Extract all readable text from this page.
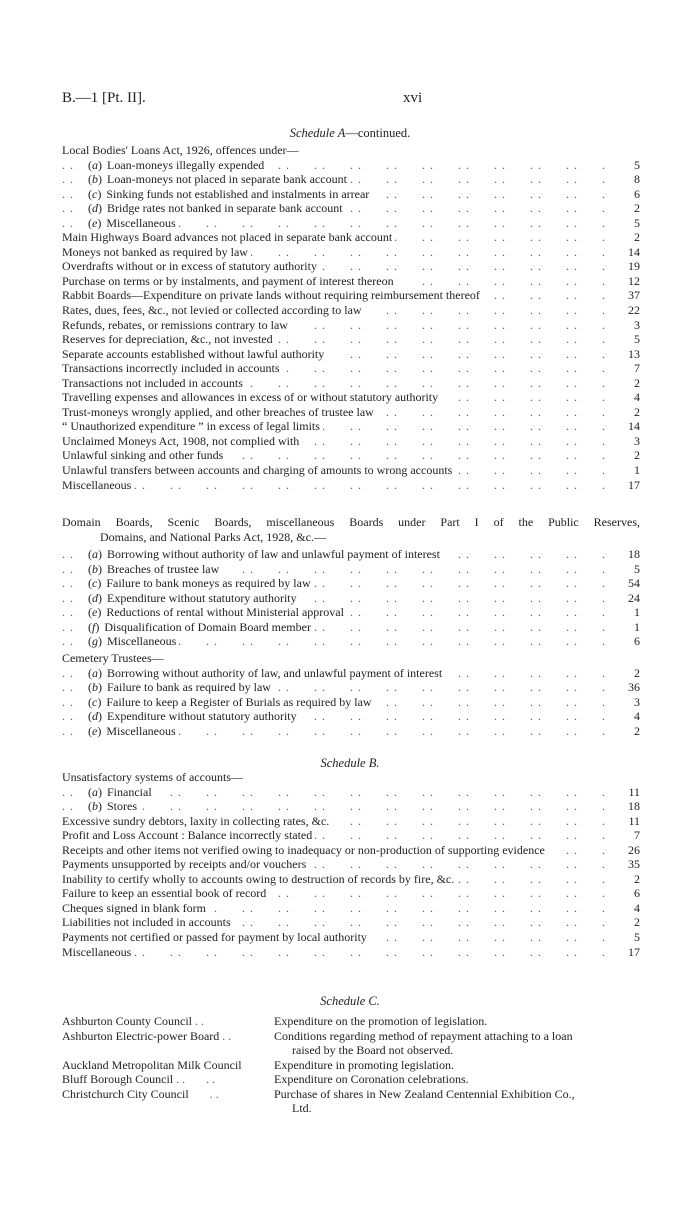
B.—1 [Pt. II].	xvi
Schedule A—continued.
Local Bodies' Loans Act, 1926, offences under—
. .
(a) Loan-moneys illegally expended	5
. .
(b) Loan-moneys not placed in separate bank account	8
. .
(c) Sinking funds not established and instalments in arrear	6
. .
(d) Bridge rates not banked in separate bank account	2
. .
(e) Miscellaneous	5
. .
Main Highways Board advances not placed in separate bank account	2
. .
Moneys not banked as required by law	14
. .
Overdrafts without or in excess of statutory authority	19
. .
Purchase on terms or by instalments, and payment of interest thereon	12
. .
Rabbit Boards—Expenditure on private lands without requiring reimbursement thereof	37
. .
Rates, dues, fees, &c., not levied or collected according to law	22
. .
Refunds, rebates, or remissions contrary to law	3
. .
Reserves for depreciation, &c., not invested	5
. .
Separate accounts established without lawful authority	13
. .
Transactions incorrectly included in accounts	7
. .
Transactions not included in accounts	2
. .
Travelling expenses and allowances in excess of or without statutory authority	4
. .
Trust-moneys wrongly applied, and other breaches of trustee law	2
. .
“ Unauthorized expenditure ” in excess of legal limits	14
. .
Unclaimed Moneys Act, 1908, not complied with	3
. .
Unlawful sinking and other funds	2
. .
Unlawful transfers between accounts and charging of amounts to wrong accounts	1
. .
Miscellaneous	17
Domain Boards, Scenic Boards, miscellaneous Boards under Part I of the Public Reserves,
Domains, and National Parks Act, 1928, &c.—
. .
(a) Borrowing without authority of law and unlawful payment of interest	18
. .
(b) Breaches of trustee law	5
. .
(c) Failure to bank moneys as required by law	54
. .
(d) Expenditure without statutory authority	24
. .
(e) Reductions of rental without Ministerial approval	1
. .
(f) Disqualification of Domain Board member	1
. .
(g) Miscellaneous	6
Cemetery Trustees—
. .
(a) Borrowing without authority of law, and unlawful payment of interest	2
. .
(b) Failure to bank as required by law	36
. .
(c) Failure to keep a Register of Burials as required by law	3
. .
(d) Expenditure without statutory authority	4
. .
(e) Miscellaneous	2
Schedule B.
Unsatisfactory systems of accounts—
. .
(a) Financial	11
. .
(b) Stores	18
. .
Excessive sundry debtors, laxity in collecting rates, &c.	11
. .
Profit and Loss Account : Balance incorrectly stated	7
. .
Receipts and other items not verified owing to inadequacy or non-production of supporting evidence	26
. .
Payments unsupported by receipts and/or vouchers	35
. .
Inability to certify wholly to accounts owing to destruction of records by fire, &c.	2
. .
Failure to keep an essential book of record	6
. .
Cheques signed in blank form	4
. .
Liabilities not included in accounts	2
. .
Payments not certified or passed for payment by local authority	5
. .
Miscellaneous	17
Schedule C.
Ashburton County Council . .	Expenditure on the promotion of legislation.
Ashburton Electric-power Board . .	Conditions regarding method of repayment attaching to a loan
raised by the Board not observed.
Auckland Metropolitan Milk Council	Expenditure in promoting legislation.
Bluff Borough Council . .       . .	Expenditure on Coronation celebrations.
Christchurch City Council       . .	Purchase of shares in New Zealand Centennial Exhibition Co.,
Ltd.
